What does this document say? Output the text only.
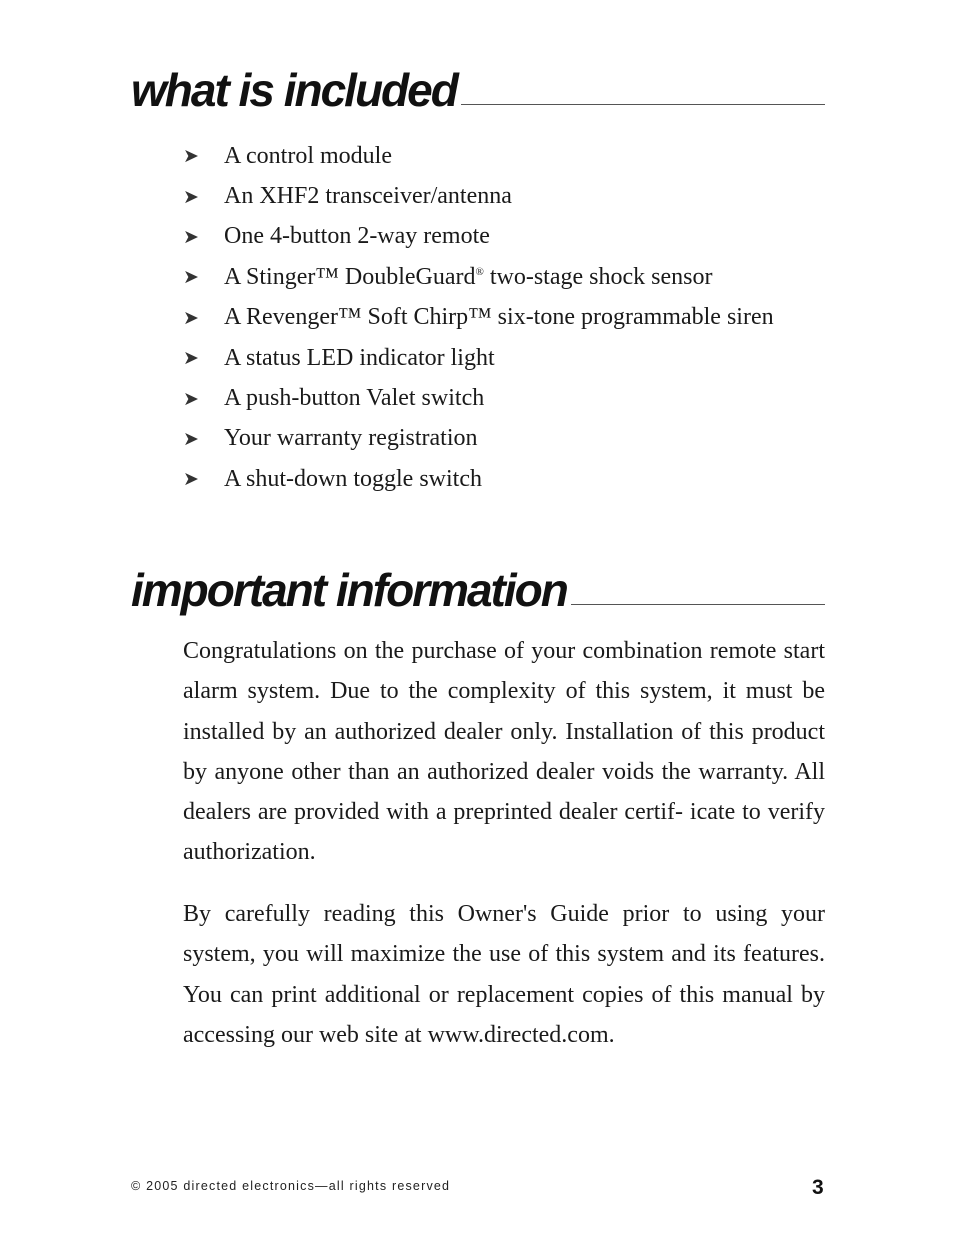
what is included
➤	A control module
➤	An XHF2 transceiver/antenna
➤	One 4-button 2-way remote
➤	A Stinger™ DoubleGuard® two-stage shock sensor
➤	A Revenger™ Soft Chirp™ six-tone programmable siren
➤	A status LED indicator light
➤	A push-button Valet switch
➤	Your warranty registration
➤	A shut-down toggle switch
important information

Congratulations on the purchase of your combination remote start alarm system. Due to the complexity of this system, it must be installed by an authorized dealer only. Installation of this product by anyone other than an authorized dealer voids the warranty. All dealers are provided with a preprinted dealer certif- icate to verify authorization.

By carefully reading this Owner's Guide prior to using your system, you will maximize the use of this system and its features. You can print additional or replacement copies of this manual by accessing our web site at www.directed.com.

© 2005 directed electronics—all rights reserved	3
